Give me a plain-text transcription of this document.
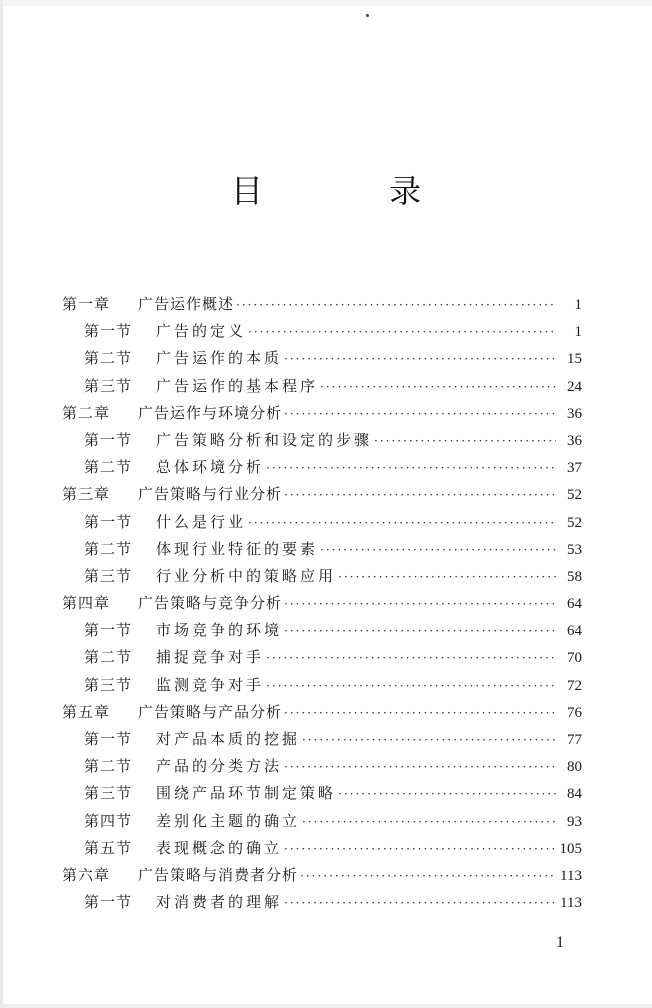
目 录
第一章	广告运作概述 ·····	1
第一节	广告的定义 ·····	1
第二节	广告运作的本质 ·····	15
第三节	广告运作的基本程序 ·····	24
第二章	广告运作与环境分析 ·····	36
第一节	广告策略分析和设定的步骤 ·····	36
第二节	总体环境分析 ·····	37
第三章	广告策略与行业分析 ·····	52
第一节	什么是行业 ·····	52
第二节	体现行业特征的要素 ·····	53
第三节	行业分析中的策略应用 ·····	58
第四章	广告策略与竞争分析 ·····	64
第一节	市场竞争的环境 ·····	64
第二节	捕捉竞争对手 ·····	70
第三节	监测竞争对手 ·····	72
第五章	广告策略与产品分析 ·····	76
第一节	对产品本质的挖掘 ·····	77
第二节	产品的分类方法 ·····	80
第三节	围绕产品环节制定策略 ·····	84
第四节	差别化主题的确立 ·····	93
第五节	表现概念的确立 ·····	105
第六章	广告策略与消费者分析 ·····	113
第一节	对消费者的理解 ·····	113
1
